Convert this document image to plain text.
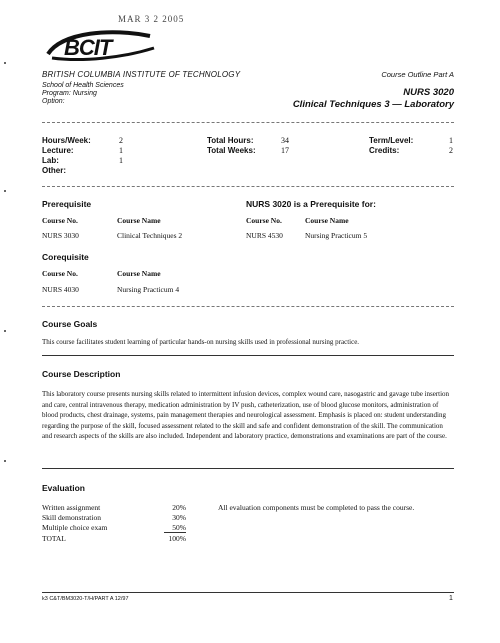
MAR 3 2 2005
BCIT
BRITISH COLUMBIA INSTITUTE OF TECHNOLOGY
School of Health Sciences
Program: Nursing
Option:
Course Outline Part A
NURS 3020
Clinical Techniques 3 — Laboratory
Hours/Week:	2
Lecture:	1
Lab:	1
Other:
Total Hours:	34
Total Weeks:	17
Term/Level:	1
Credits:	2
Prerequisite
Course No.	Course Name
NURS 3030	Clinical Techniques 2
NURS 3020 is a Prerequisite for:
Course No.	Course Name
NURS 4530	Nursing Practicum 5
Corequisite
Course No.	Course Name
NURS 4030	Nursing Practicum 4
Course Goals
This course facilitates student learning of particular hands-on nursing skills used in professional nursing practice.
Course Description
This laboratory course presents nursing skills related to intermittent infusion devices, complex wound care, nasogastric and gavage tube insertion and care, central intravenous therapy, medication administration by IV push, catheterization, use of blood glucose monitors, administration of blood products, chest drainage, systems, pain management therapies and neurological assessment. Emphasis is placed on: student understanding regarding the purpose of the skill, focused assessment related to the skill and safe and confident demonstration of the skill. The communication and research aspects of the skills are also included. Independent and laboratory practice, demonstrations and examinations are part of the course.
Evaluation
Written assignment	20%
Skill demonstration	30%
Multiple choice exam	50%
TOTAL	100%
All evaluation components must be completed to pass the course.
k3 C&T/BM3020-T/H/PART A 12/97	1
